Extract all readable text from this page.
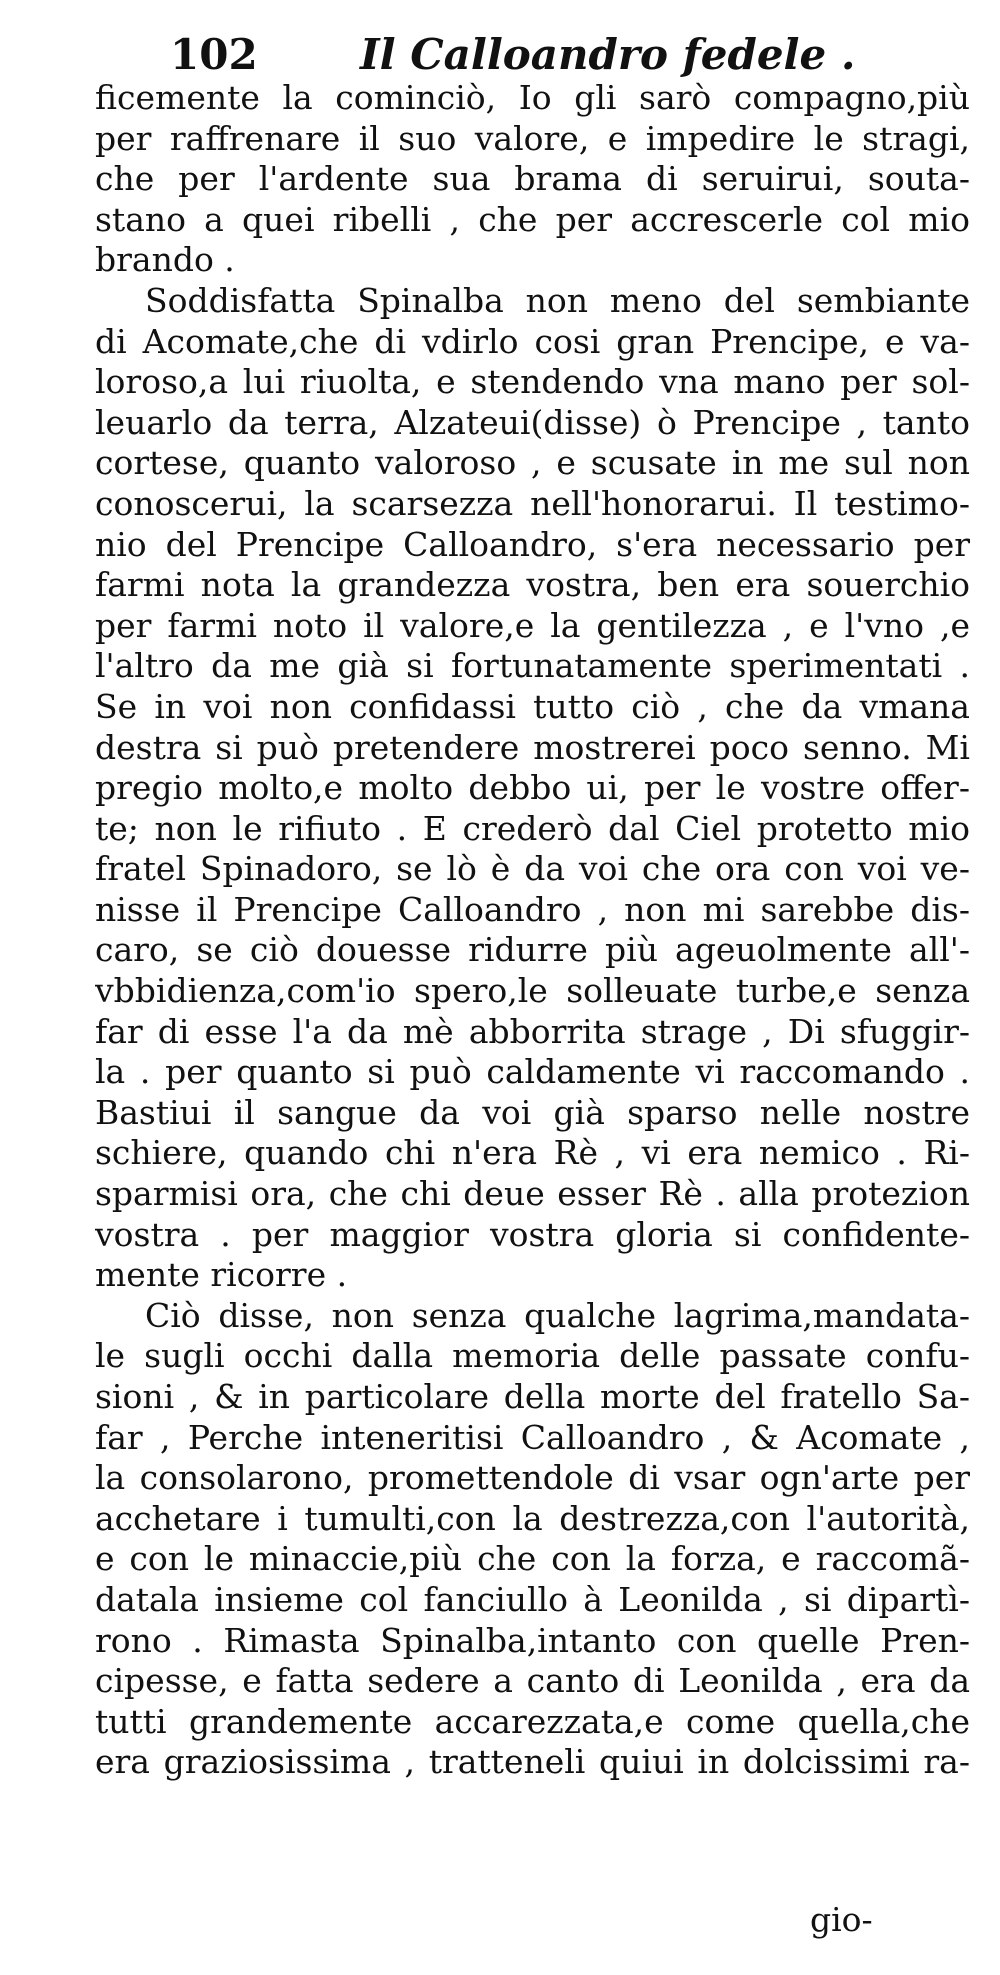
102 Il Calloandro fedele .
ficemente la cominciò, Io gli sarò compagno,più
per raffrenare il suo valore, e impedire le stragi,
che per l'ardente sua brama di seruirui, souta-
stano a quei ribelli , che per accrescerle col mio
brando .
Soddisfatta Spinalba non meno del sembiante
di Acomate,che di vdirlo cosi gran Prencipe, e va-
loroso,a lui riuolta, e stendendo vna mano per sol-
leuarlo da terra, Alzateui(disse) ò Prencipe , tanto
cortese, quanto valoroso , e scusate in me sul non
conoscerui, la scarsezza nell'honorarui. Il testimo-
nio del Prencipe Calloandro, s'era necessario per
farmi nota la grandezza vostra, ben era souerchio
per farmi noto il valore,e la gentilezza , e l'vno ,e
l'altro da me già si fortunatamente sperimentati .
Se in voi non confidassi tutto ciò , che da vmana
destra si può pretendere mostrerei poco senno. Mi
pregio molto,e molto debbo ui, per le vostre offer-
te; non le rifiuto . E crederò dal Ciel protetto mio
fratel Spinadoro, se lò è da voi che ora con voi ve-
nisse il Prencipe Calloandro , non mi sarebbe dis-
caro, se ciò douesse ridurre più ageuolmente all'-
vbbidienza,com'io spero,le solleuate turbe,e senza
far di esse l'a da mè abborrita strage , Di sfuggir-
la . per quanto si può caldamente vi raccomando .
Bastiui il sangue da voi già sparso nelle nostre
schiere, quando chi n'era Rè , vi era nemico . Ri-
sparmisi ora, che chi deue esser Rè . alla protezion
vostra . per maggior vostra gloria si confidente-
mente ricorre .
Ciò disse, non senza qualche lagrima,mandata-
le sugli occhi dalla memoria delle passate confu-
sioni , & in particolare della morte del fratello Sa-
far , Perche inteneritisi Calloandro , & Acomate ,
la consolarono, promettendole di vsar ogn'arte per
acchetare i tumulti,con la destrezza,con l'autorità,
e con le minaccie,più che con la forza, e raccomã-
datala insieme col fanciullo à Leonilda , si dipartì-
rono . Rimasta Spinalba,intanto con quelle Pren-
cipesse, e fatta sedere a canto di Leonilda , era da
tutti grandemente accarezzata,e come quella,che
era graziosissima , tratteneli quiui in dolcissimi ra-
gio-
